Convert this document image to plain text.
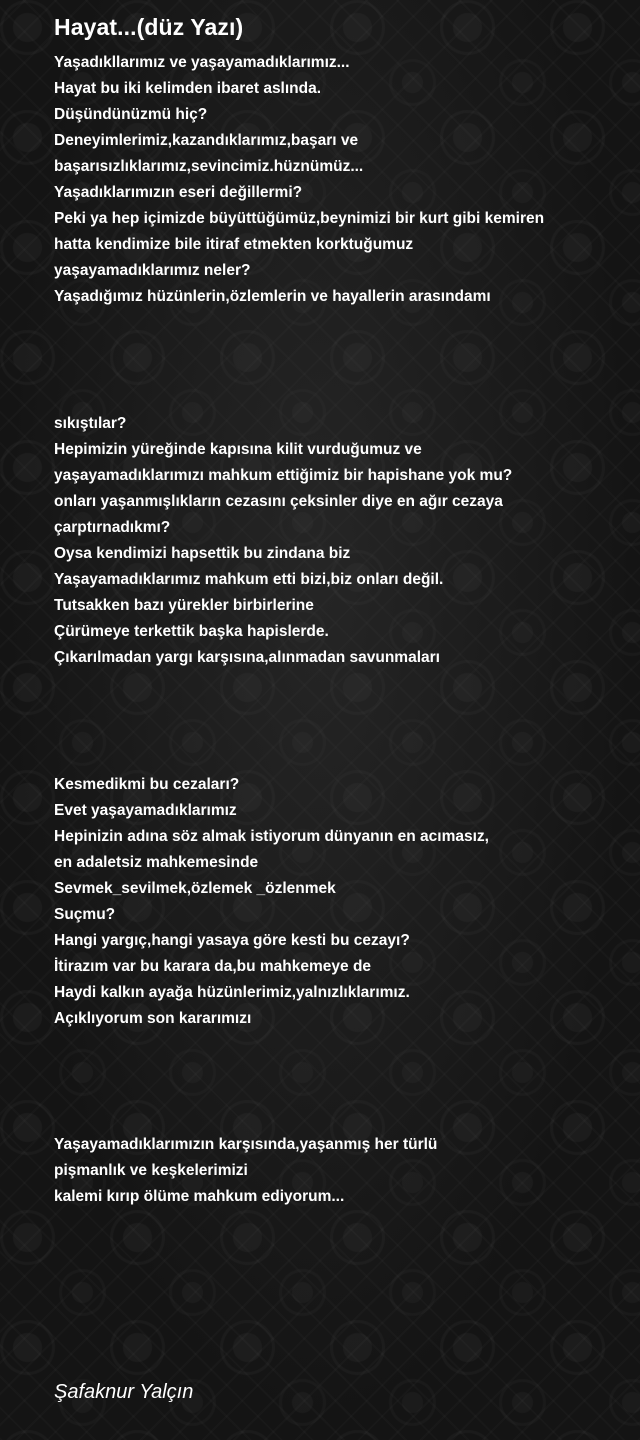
Hayat...(düz Yazı)
Yaşadıkllarımız ve yaşayamadıklarımız...
Hayat bu iki kelimden ibaret aslında.
Düşündünüzmü hiç?
Deneyimlerimiz,kazandıklarımız,başarı ve
başarısızlıklarımız,sevincimiz.hüznümüz...
Yaşadıklarımızın eseri değillermi?
Peki ya hep içimizde büyüttüğümüz,beynimizi bir kurt gibi kemiren
hatta kendimize bile itiraf etmekten korktuğumuz
yaşayamadıklarımız neler?
Yaşadığımız hüzünlerin,özlemlerin ve hayallerin arasındamı
sıkıştılar?
Hepimizin yüreğinde kapısına kilit vurduğumuz ve
yaşayamadıklarımızı mahkum ettiğimiz bir hapishane yok mu?
onları yaşanmışlıkların cezasını çeksinler diye en ağır cezaya
çarptırnadıkmı?
Oysa kendimizi hapsettik bu zindana biz
Yaşayamadıklarımız mahkum etti bizi,biz onları değil.
Tutsakken bazı yürekler birbirlerine
Çürümeye terkettik başka hapislerde.
Çıkarılmadan yargı karşısına,alınmadan savunmaları
Kesmedikmi bu cezaları?
Evet yaşayamadıklarımız
Hepinizin adına söz almak istiyorum dünyanın en acımasız,
en adaletsiz mahkemesinde
Sevmek_sevilmek,özlemek _özlenmek
Suçmu?
Hangi yargıç,hangi yasaya göre kesti bu cezayı?
İtirazım var bu karara da,bu mahkemeye de
Haydi kalkın ayağa hüzünlerimiz,yalnızlıklarımız.
Açıklıyorum son kararımızı
Yaşayamadıklarımızın karşısında,yaşanmış her türlü
pişmanlık ve keşkelerimizi
kalemi kırıp ölüme mahkum ediyorum...
Şafaknur Yalçın
